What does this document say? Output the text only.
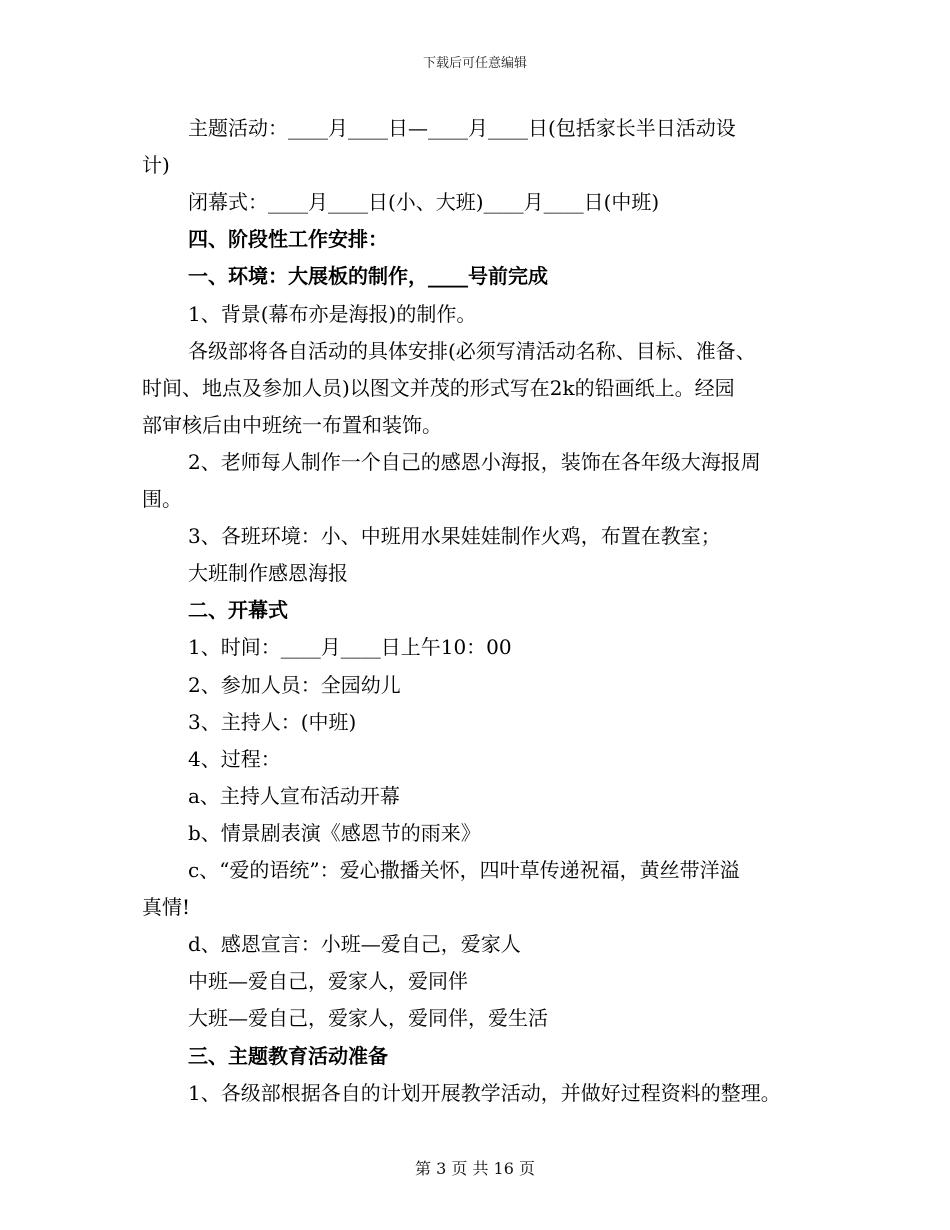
下载后可任意编辑
主题活动：____月____日—____月____日(包括家长半日活动设
计)
闭幕式：____月____日(小、大班)____月____日(中班)
四、阶段性工作安排：
一、环境：大展板的制作，____号前完成
1、背景(幕布亦是海报)的制作。
各级部将各自活动的具体安排(必须写清活动名称、目标、准备、
时间、地点及参加人员)以图文并茂的形式写在2k的铅画纸上。经园
部审核后由中班统一布置和装饰。
2、老师每人制作一个自己的感恩小海报，装饰在各年级大海报周
围。
3、各班环境：小、中班用水果娃娃制作火鸡，布置在教室；
大班制作感恩海报
二、开幕式
1、时间：____月____日上午10：00
2、参加人员：全园幼儿
3、主持人：(中班)
4、过程：
a、主持人宣布活动开幕
b、情景剧表演《感恩节的雨来》
c、“爱的语统”：爱心撒播关怀，四叶草传递祝福，黄丝带洋溢
真情!
d、感恩宣言：小班—爱自己，爱家人
中班—爱自己，爱家人，爱同伴
大班—爱自己，爱家人，爱同伴，爱生活
三、主题教育活动准备
1、各级部根据各自的计划开展教学活动，并做好过程资料的整理。
第 3 页 共 16 页
